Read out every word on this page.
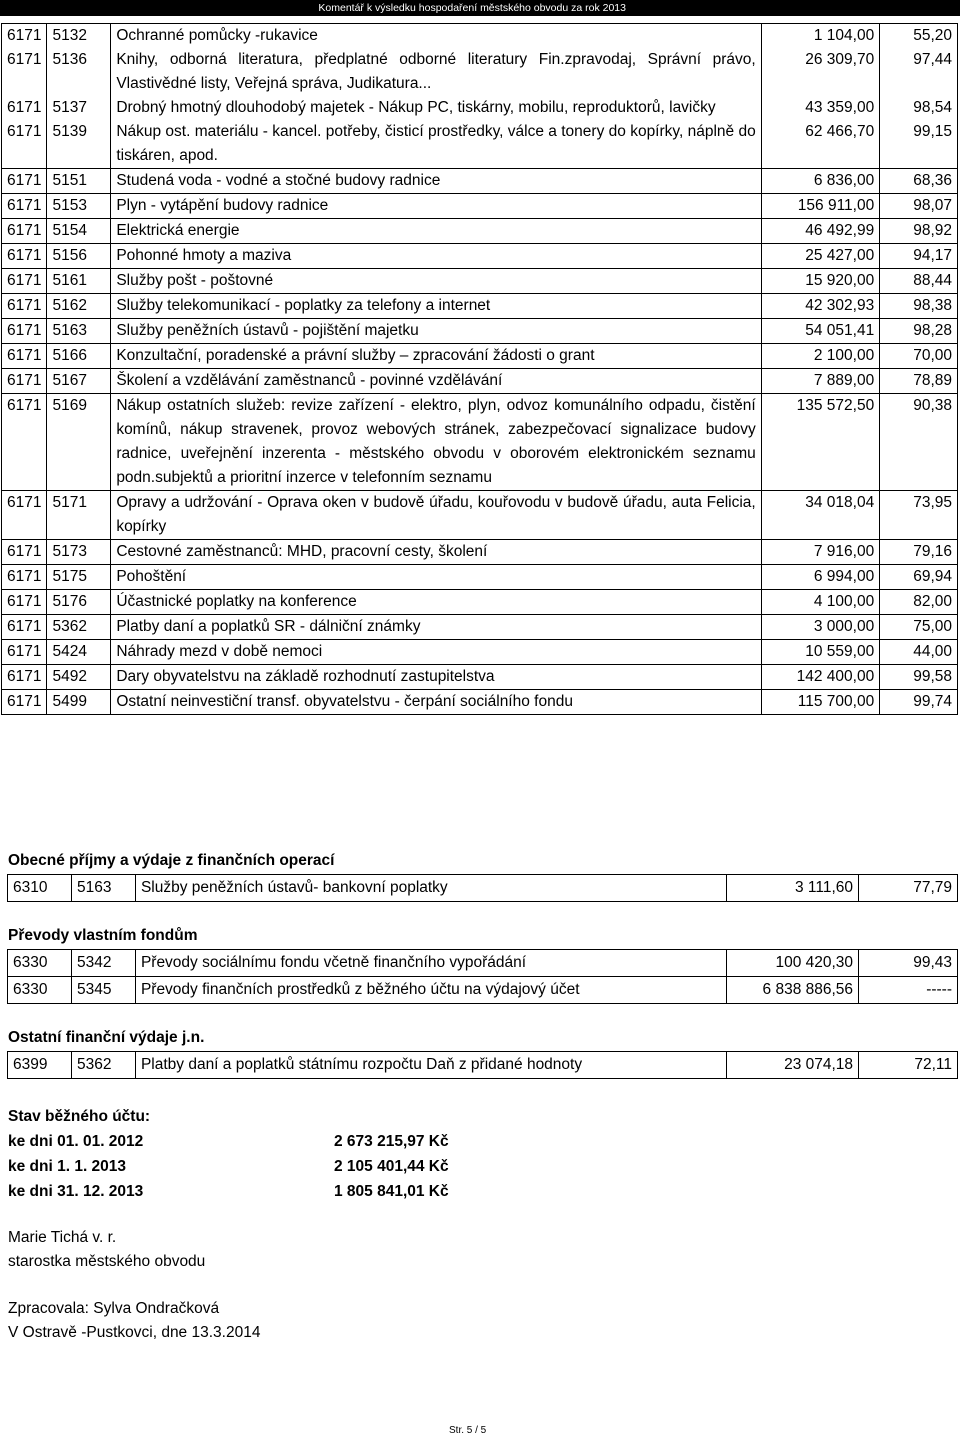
Komentář k výsledku hospodaření městského obvodu za rok 2013
6171	5132	Ochranné pomůcky -rukavice	1 104,00	55,20
6171	5136	Knihy, odborná literatura, předplatné odborné literatury Fin.zpravodaj, Správní právo, Vlastivědné listy, Veřejná správa, Judikatura...	26 309,70	97,44
6171	5137	Drobný hmotný dlouhodobý majetek - Nákup PC, tiskárny, mobilu, reproduktorů, lavičky	43 359,00	98,54
6171	5139	Nákup ost. materiálu - kancel. potřeby, čisticí prostředky, válce a tonery do kopírky, náplně do tiskáren, apod.	62 466,70	99,15
6171	5151	Studená voda - vodné a stočné budovy radnice	6 836,00	68,36
6171	5153	Plyn - vytápění budovy radnice	156 911,00	98,07
6171	5154	Elektrická energie	46 492,99	98,92
6171	5156	Pohonné hmoty a maziva	25 427,00	94,17
6171	5161	Služby pošt - poštovné	15 920,00	88,44
6171	5162	Služby telekomunikací - poplatky za telefony a internet	42 302,93	98,38
6171	5163	Služby peněžních ústavů - pojištění majetku	54 051,41	98,28
6171	5166	Konzultační, poradenské a právní služby – zpracování žádosti o grant	2 100,00	70,00
6171	5167	Školení a vzdělávání zaměstnanců - povinné vzdělávání	7 889,00	78,89
6171	5169	Nákup ostatních služeb: revize zařízení - elektro, plyn, odvoz komunálního odpadu, čistění komínů, nákup stravenek, provoz webových stránek, zabezpečovací signalizace budovy radnice, uveřejnění inzerenta - městského obvodu v oborovém elektronickém seznamu podn.subjektů a prioritní inzerce v telefonním seznamu	135 572,50	90,38
6171	5171	Opravy a udržování - Oprava oken v budově úřadu, kouřovodu v budově úřadu, auta Felicia, kopírky	34 018,04	73,95
6171	5173	Cestovné zaměstnanců: MHD, pracovní cesty, školení	7 916,00	79,16
6171	5175	Pohoštění	6 994,00	69,94
6171	5176	Účastnické poplatky na konference	4 100,00	82,00
6171	5362	Platby daní a poplatků SR - dálniční známky	3 000,00	75,00
6171	5424	Náhrady mezd v době nemoci	10 559,00	44,00
6171	5492	Dary obyvatelstvu na základě rozhodnutí zastupitelstva	142 400,00	99,58
6171	5499	Ostatní neinvestiční transf. obyvatelstvu - čerpání sociálního fondu	115 700,00	99,74
Obecné příjmy a výdaje z finančních operací
6310	5163	Služby peněžních ústavů- bankovní poplatky	3 111,60	77,79
Převody vlastním fondům
6330	5342	Převody sociálnímu fondu včetně finančního vypořádání	100 420,30	99,43
6330	5345	Převody finančních prostředků z běžného účtu na výdajový účet	6 838 886,56	-----
Ostatní finanční výdaje j.n.
6399	5362	Platby daní a poplatků státnímu rozpočtu Daň z přidané hodnoty	23 074,18	72,11
Stav běžného účtu:
ke dni 01. 01. 2012	2 673 215,97 Kč
ke dni 1. 1. 2013	2 105 401,44 Kč
ke dni 31. 12. 2013	1 805 841,01 Kč
Marie Tichá v. r.
starostka městského obvodu
Zpracovala: Sylva Ondračková
V Ostravě -Pustkovci, dne 13.3.2014
Str. 5 / 5
